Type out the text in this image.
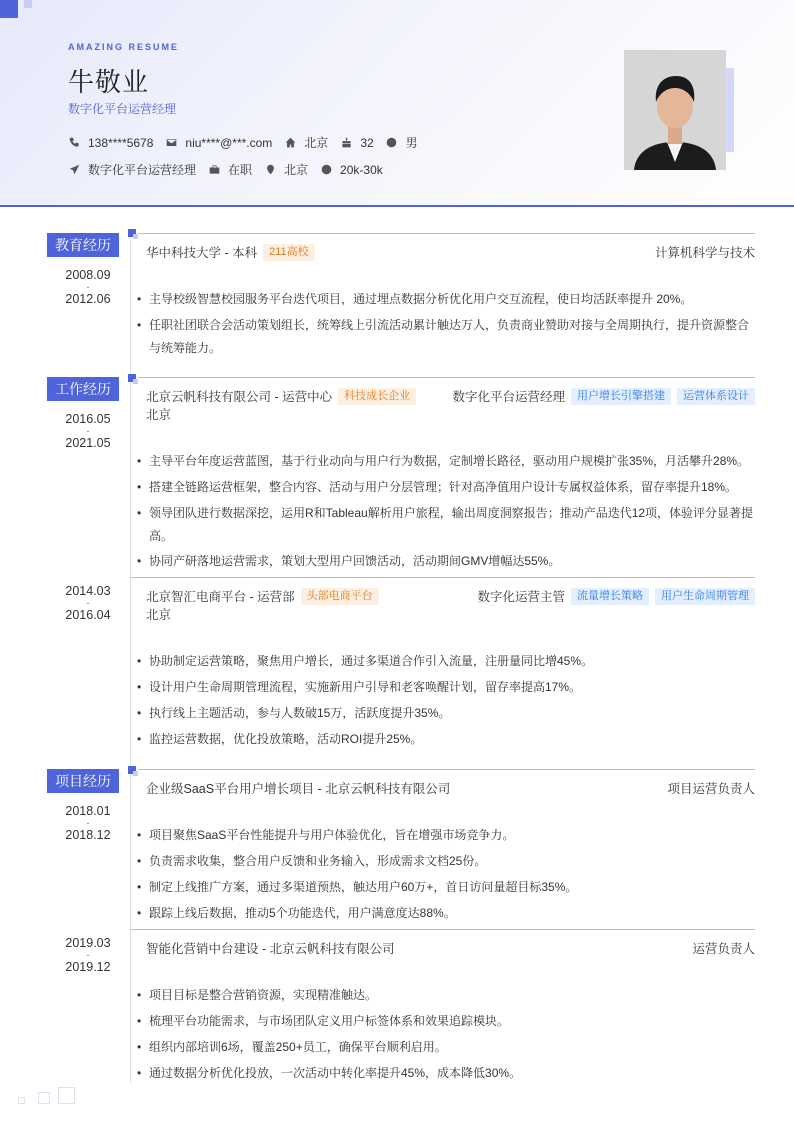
AMAZING RESUME
牛敬业
数字化平台运营经理
138****5678	niu****@***.com	北京	32	男
数字化平台运营经理	在职	北京	20k-30k
教育经历
2008.09
-
2012.06
华中科技大学 - 本科	211高校	计算机科学与技术
• 主导校级智慧校园服务平台迭代项目，通过埋点数据分析优化用户交互流程，使日均活跃率提升 20%。
• 任职社团联合会活动策划组长，统筹线上引流活动累计触达万人，负责商业赞助对接与全周期执行，提升资源整合与统筹能力。
工作经历
2016.05
-
2021.05
北京云帆科技有限公司 - 运营中心	科技成长企业	数字化平台运营经理	用户增长引擎搭建	运营体系设计
北京
• 主导平台年度运营蓝图，基于行业动向与用户行为数据，定制增长路径，驱动用户规模扩张35%，月活攀升28%。
• 搭建全链路运营框架，整合内容、活动与用户分层管理；针对高净值用户设计专属权益体系，留存率提升18%。
• 领导团队进行数据深挖，运用R和Tableau解析用户旅程，输出周度洞察报告；推动产品迭代12项，体验评分显著提高。
• 协同产研落地运营需求，策划大型用户回馈活动，活动期间GMV增幅达55%。
2014.03
-
2016.04
北京智汇电商平台 - 运营部	头部电商平台	数字化运营主管	流量增长策略	用户生命周期管理
北京
• 协助制定运营策略，聚焦用户增长，通过多渠道合作引入流量，注册量同比增45%。
• 设计用户生命周期管理流程，实施新用户引导和老客唤醒计划，留存率提高17%。
• 执行线上主题活动，参与人数破15万，活跃度提升35%。
• 监控运营数据，优化投放策略，活动ROI提升25%。
项目经历
2018.01
-
2018.12
企业级SaaS平台用户增长项目 - 北京云帆科技有限公司	项目运营负责人
• 项目聚焦SaaS平台性能提升与用户体验优化，旨在增强市场竞争力。
• 负责需求收集，整合用户反馈和业务输入，形成需求文档25份。
• 制定上线推广方案，通过多渠道预热，触达用户60万+，首日访问量超目标35%。
• 跟踪上线后数据，推动5个功能迭代，用户满意度达88%。
2019.03
-
2019.12
智能化营销中台建设 - 北京云帆科技有限公司	运营负责人
• 项目目标是整合营销资源，实现精准触达。
• 梳理平台功能需求，与市场团队定义用户标签体系和效果追踪模块。
• 组织内部培训6场，覆盖250+员工，确保平台顺利启用。
• 通过数据分析优化投放，一次活动中转化率提升45%，成本降低30%。
